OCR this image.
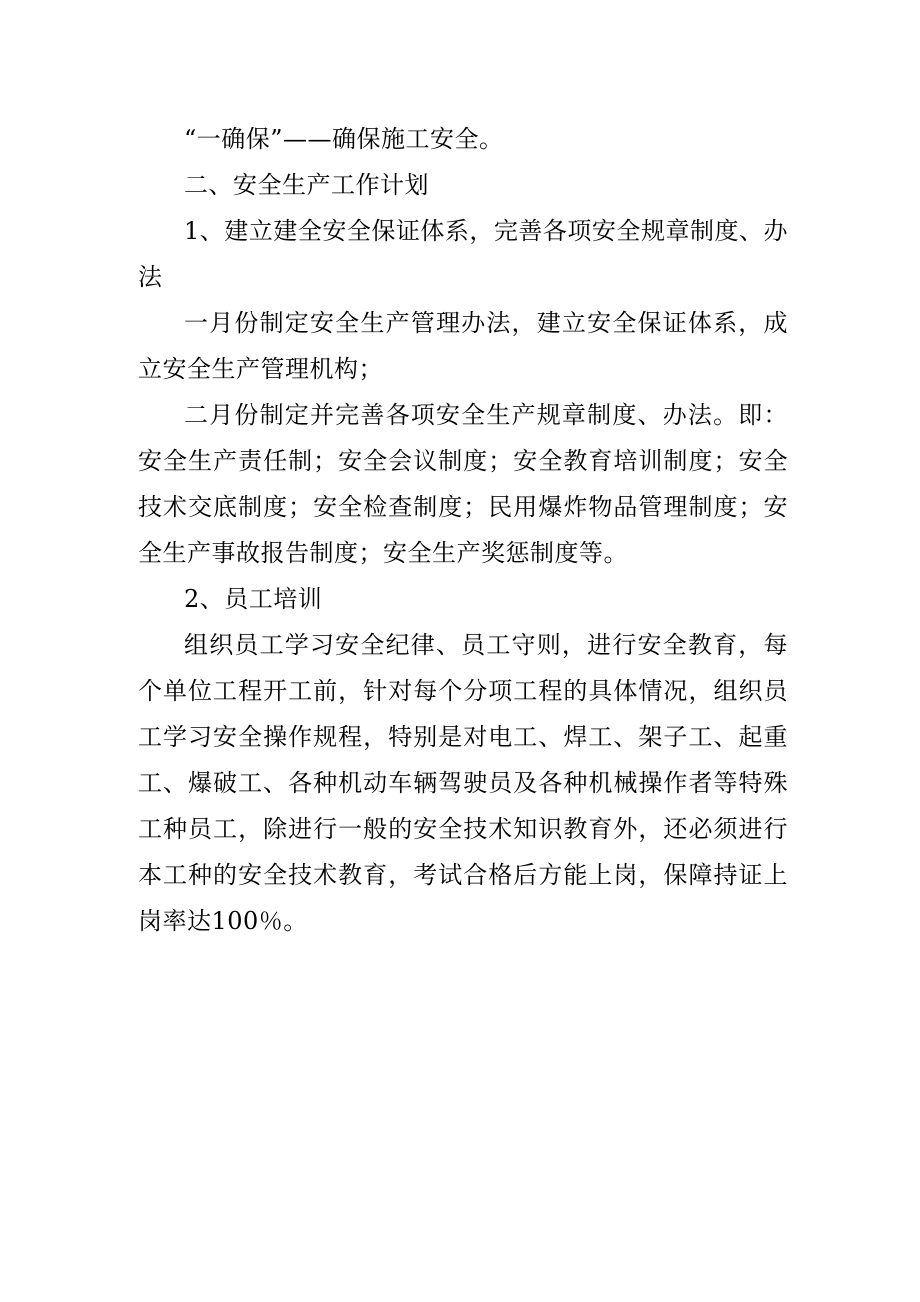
“一确保”——确保施工安全。

二、安全生产工作计划

1、建立建全安全保证体系，完善各项安全规章制度、办法

一月份制定安全生产管理办法，建立安全保证体系，成立安全生产管理机构；

二月份制定并完善各项安全生产规章制度、办法。即：安全生产责任制；安全会议制度；安全教育培训制度；安全技术交底制度；安全检查制度；民用爆炸物品管理制度；安全生产事故报告制度；安全生产奖惩制度等。

2、员工培训

组织员工学习安全纪律、员工守则，进行安全教育，每个单位工程开工前，针对每个分项工程的具体情况，组织员工学习安全操作规程，特别是对电工、焊工、架子工、起重工、爆破工、各种机动车辆驾驶员及各种机械操作者等特殊工种员工，除进行一般的安全技术知识教育外，还必须进行本工种的安全技术教育，考试合格后方能上岗，保障持证上岗率达100％。
